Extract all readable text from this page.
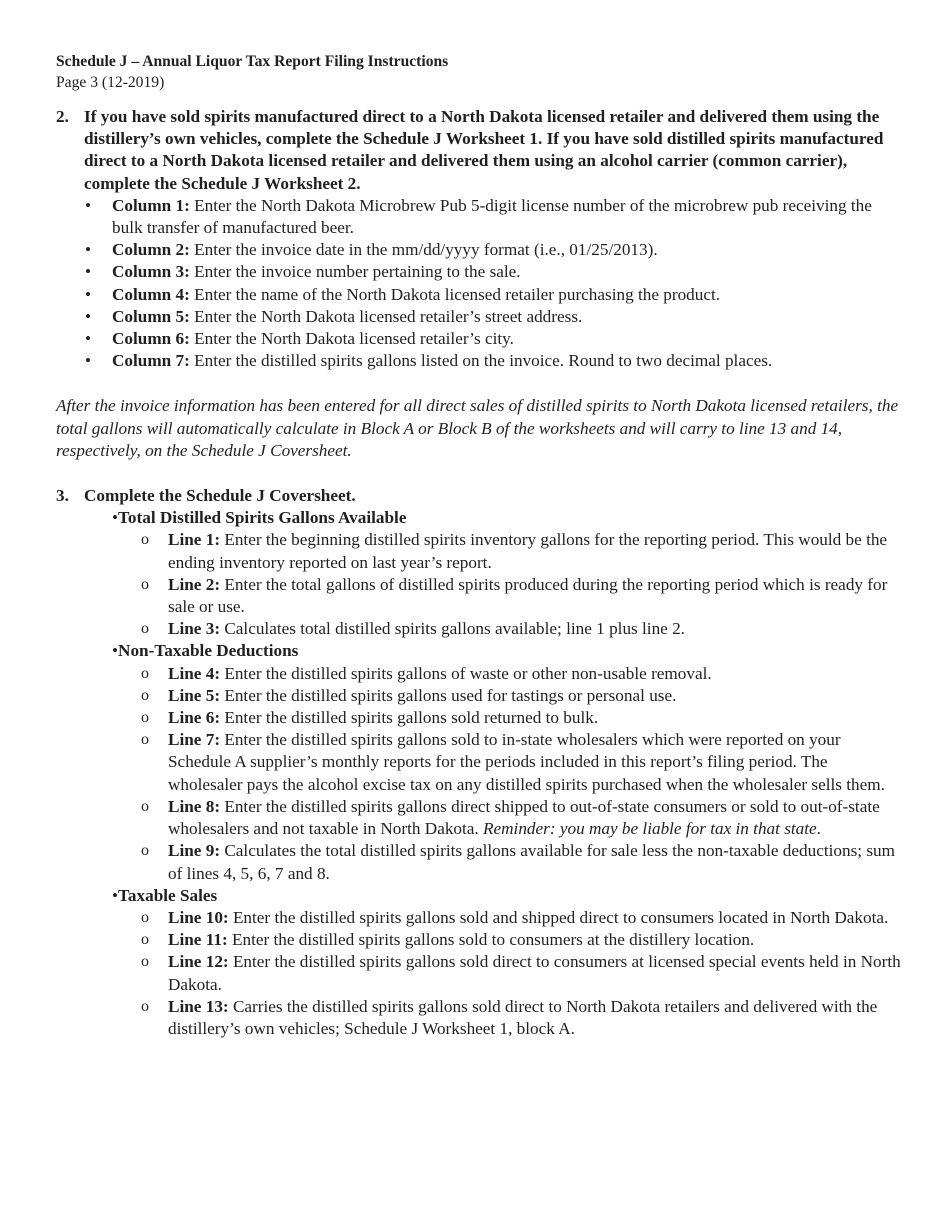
Schedule J – Annual Liquor Tax Report Filing Instructions
Page 3 (12-2019)
2. If you have sold spirits manufactured direct to a North Dakota licensed retailer and delivered them using the distillery’s own vehicles, complete the Schedule J Worksheet 1. If you have sold distilled spirits manufactured direct to a North Dakota licensed retailer and delivered them using an alcohol carrier (common carrier), complete the Schedule J Worksheet 2.
• Column 1: Enter the North Dakota Microbrew Pub 5-digit license number of the microbrew pub receiving the bulk transfer of manufactured beer.
• Column 2: Enter the invoice date in the mm/dd/yyyy format (i.e., 01/25/2013).
• Column 3: Enter the invoice number pertaining to the sale.
• Column 4: Enter the name of the North Dakota licensed retailer purchasing the product.
• Column 5: Enter the North Dakota licensed retailer’s street address.
• Column 6: Enter the North Dakota licensed retailer’s city.
• Column 7: Enter the distilled spirits gallons listed on the invoice. Round to two decimal places.
After the invoice information has been entered for all direct sales of distilled spirits to North Dakota licensed retailers, the total gallons will automatically calculate in Block A or Block B of the worksheets and will carry to line 13 and 14, respectively, on the Schedule J Coversheet.
3. Complete the Schedule J Coversheet.
•Total Distilled Spirits Gallons Available
o Line 1: Enter the beginning distilled spirits inventory gallons for the reporting period. This would be the ending inventory reported on last year’s report.
o Line 2: Enter the total gallons of distilled spirits produced during the reporting period which is ready for sale or use.
o Line 3: Calculates total distilled spirits gallons available; line 1 plus line 2.
•Non-Taxable Deductions
o Line 4: Enter the distilled spirits gallons of waste or other non-usable removal.
o Line 5: Enter the distilled spirits gallons used for tastings or personal use.
o Line 6: Enter the distilled spirits gallons sold returned to bulk.
o Line 7: Enter the distilled spirits gallons sold to in-state wholesalers which were reported on your Schedule A supplier’s monthly reports for the periods included in this report’s filing period. The wholesaler pays the alcohol excise tax on any distilled spirits purchased when the wholesaler sells them.
o Line 8: Enter the distilled spirits gallons direct shipped to out-of-state consumers or sold to out-of-state wholesalers and not taxable in North Dakota. Reminder: you may be liable for tax in that state.
o Line 9: Calculates the total distilled spirits gallons available for sale less the non-taxable deductions; sum of lines 4, 5, 6, 7 and 8.
•Taxable Sales
o Line 10: Enter the distilled spirits gallons sold and shipped direct to consumers located in North Dakota.
o Line 11: Enter the distilled spirits gallons sold to consumers at the distillery location.
o Line 12: Enter the distilled spirits gallons sold direct to consumers at licensed special events held in North Dakota.
o Line 13: Carries the distilled spirits gallons sold direct to North Dakota retailers and delivered with the distillery’s own vehicles; Schedule J Worksheet 1, block A.
